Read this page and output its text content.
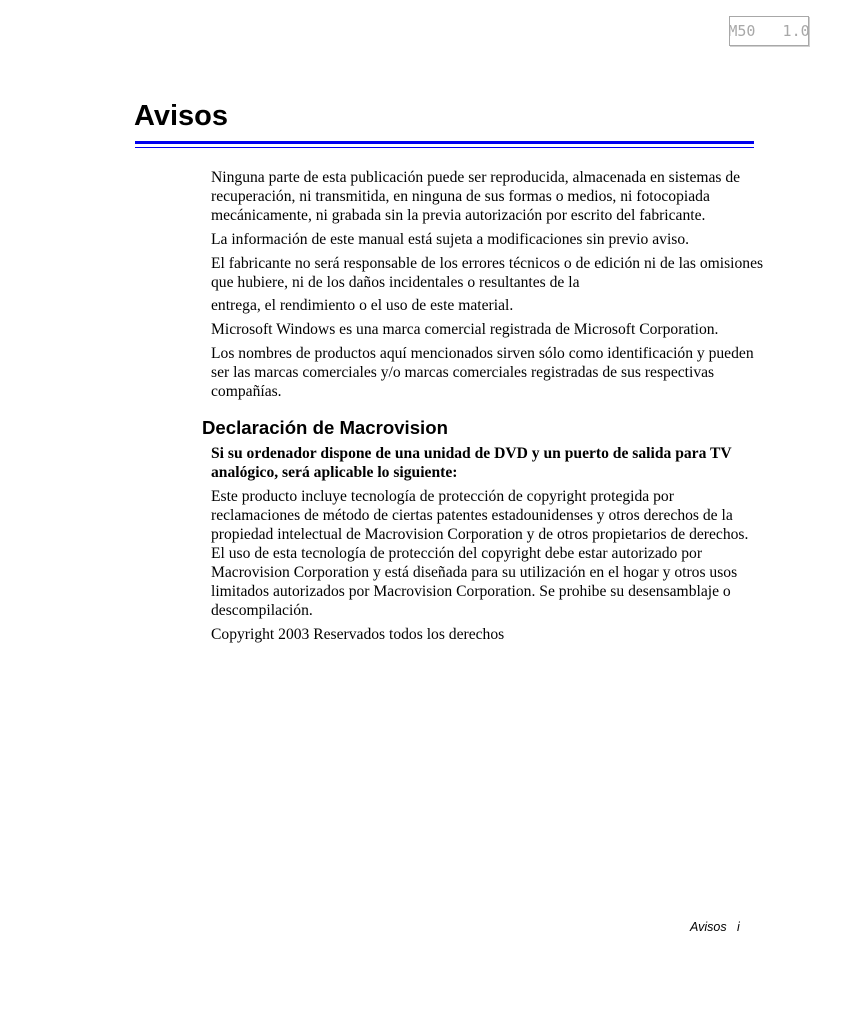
M50   1.0
Avisos

Ninguna parte de esta publicación puede ser reproducida, almacenada en sistemas de recuperación, ni transmitida, en ninguna de sus formas o medios, ni fotocopiada mecánicamente, ni grabada sin la previa autorización por escrito del fabricante.

La información de este manual está sujeta a modificaciones sin previo aviso.

El fabricante no será responsable de los errores técnicos o de edición ni de las omisiones que hubiere, ni de los daños incidentales o resultantes de la

entrega, el rendimiento o el uso de este material.

Microsoft Windows es una marca comercial registrada de Microsoft Corporation.

Los nombres de productos aquí mencionados sirven sólo como identificación y pueden ser las marcas comerciales y/o marcas comerciales registradas de sus respectivas compañías.

Declaración de Macrovision

Si su ordenador dispone de una unidad de DVD y un puerto de salida para TV analógico, será aplicable lo siguiente:

Este producto incluye tecnología de protección de copyright protegida por reclamaciones de método de ciertas patentes estadounidenses y otros derechos de la propiedad intelectual de Macrovision Corporation y de otros propietarios de derechos. El uso de esta tecnología de protección del copyright debe estar autorizado por Macrovision Corporation y está diseñada para su utilización en el hogar y otros usos limitados autorizados por Macrovision Corporation. Se prohibe su desensamblaje o descompilación.

Copyright 2003 Reservados todos los derechos

Avisos   i
